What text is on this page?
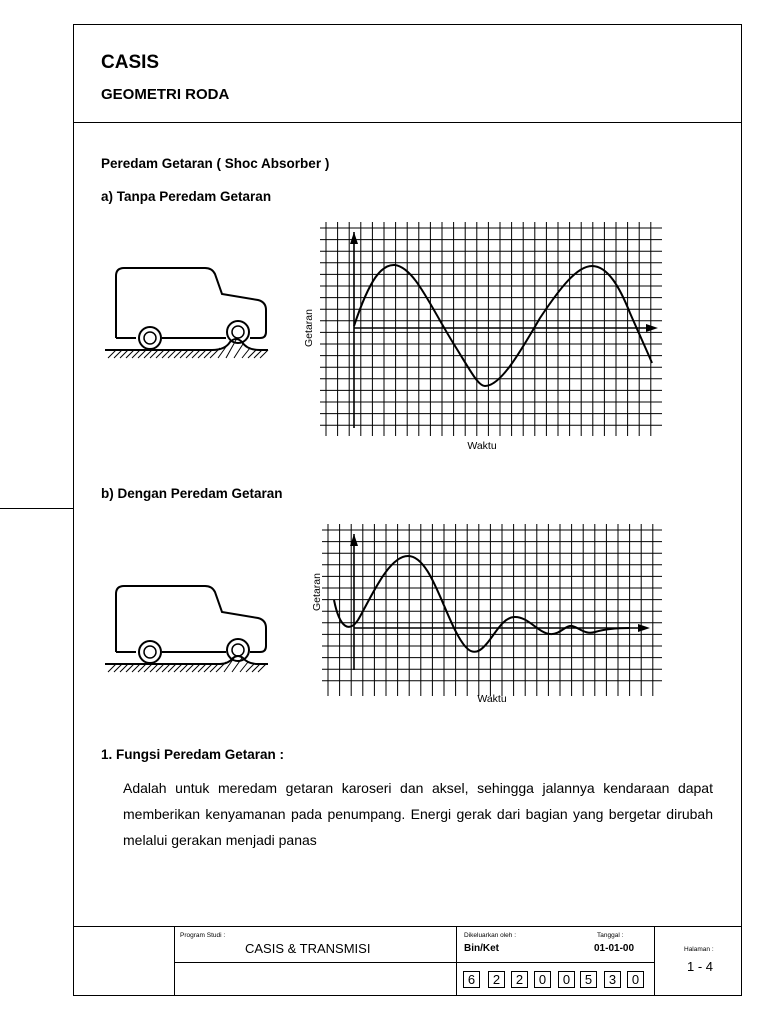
CASIS
GEOMETRI RODA
Peredam Getaran ( Shoc Absorber )
a) Tanpa Peredam Getaran
b) Dengan Peredam Getaran
Getaran
Waktu
Getaran
Waktu
1. Fungsi Peredam Getaran :
Adalah untuk meredam getaran karoseri dan aksel, sehingga jalannya kendaraan dapat memberikan kenyamanan pada penumpang. Energi gerak dari bagian yang bergetar dirubah melalui gerakan menjadi panas
Program Studi :
CASIS & TRANSMISI
Dikeluarkan oleh :
Bin/Ket
Tanggal :
01-01-00	Halaman :
1 - 4
6	2	2	0	0	5	3	0
